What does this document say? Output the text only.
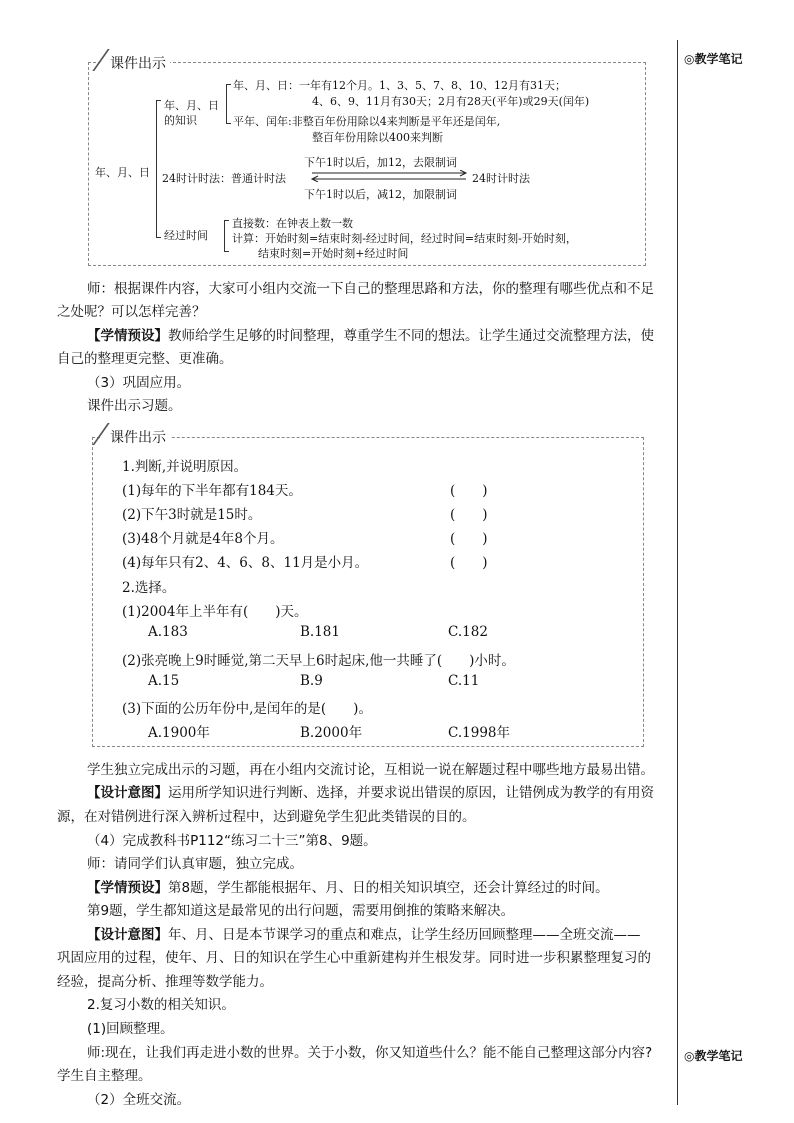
◎教学笔记
◎教学笔记
课件出示
年、月、日
年、月、日
的知识
年、月、日：一年有12个月。1、3、5、7、8、10、12月有31天；
4、6、9、11月有30天；2月有28天(平年)或29天(闰年)
平年、闰年:非整百年份用除以4来判断是平年还是闰年,
整百年份用除以400来判断
24时计时法：普通计时法
下午1时以后，加12，去限制词
24时计时法
下午1时以后，减12，加限制词
经过时间
直接数：在钟表上数一数
计算：开始时刻=结束时刻-经过时间，经过时间=结束时刻-开始时刻，
结束时刻=开始时刻+经过时间
师：根据课件内容，大家可小组内交流一下自己的整理思路和方法，你的整理有哪些优点和不足
之处呢？可以怎样完善？
【学情预设】教师给学生足够的时间整理，尊重学生不同的想法。让学生通过交流整理方法，使
自己的整理更完整、更准确。
（3）巩固应用。
课件出示习题。
课件出示
1.判断,并说明原因。
(1)每年的下半年都有184天。	(　　)
(2)下午3时就是15时。	(　　)
(3)48个月就是4年8个月。	(　　)
(4)每年只有2、4、6、8、11月是小月。	(　　)
2.选择。
(1)2004年上半年有(　　)天。
A.183	B.181	C.182
(2)张亮晚上9时睡觉,第二天早上6时起床,他一共睡了(　　)小时。
A.15	B.9	C.11
(3)下面的公历年份中,是闰年的是(　　)。
A.1900年	B.2000年	C.1998年
学生独立完成出示的习题，再在小组内交流讨论，互相说一说在解题过程中哪些地方最易出错。
【设计意图】运用所学知识进行判断、选择，并要求说出错误的原因，让错例成为教学的有用资
源，在对错例进行深入辨析过程中，达到避免学生犯此类错误的目的。
（4）完成教科书P112“练习二十三”第8、9题。
师：请同学们认真审题，独立完成。
【学情预设】第8题，学生都能根据年、月、日的相关知识填空，还会计算经过的时间。
第9题，学生都知道这是最常见的出行问题，需要用倒推的策略来解决。
【设计意图】年、月、日是本节课学习的重点和难点，让学生经历回顾整理——全班交流——
巩固应用的过程，使年、月、日的知识在学生心中重新建构并生根发芽。同时进一步积累整理复习的
经验，提高分析、推理等数学能力。
2.复习小数的相关知识。
(1)回顾整理。
师:现在，让我们再走进小数的世界。关于小数，你又知道些什么？能不能自己整理这部分内容?
学生自主整理。
（2）全班交流。
